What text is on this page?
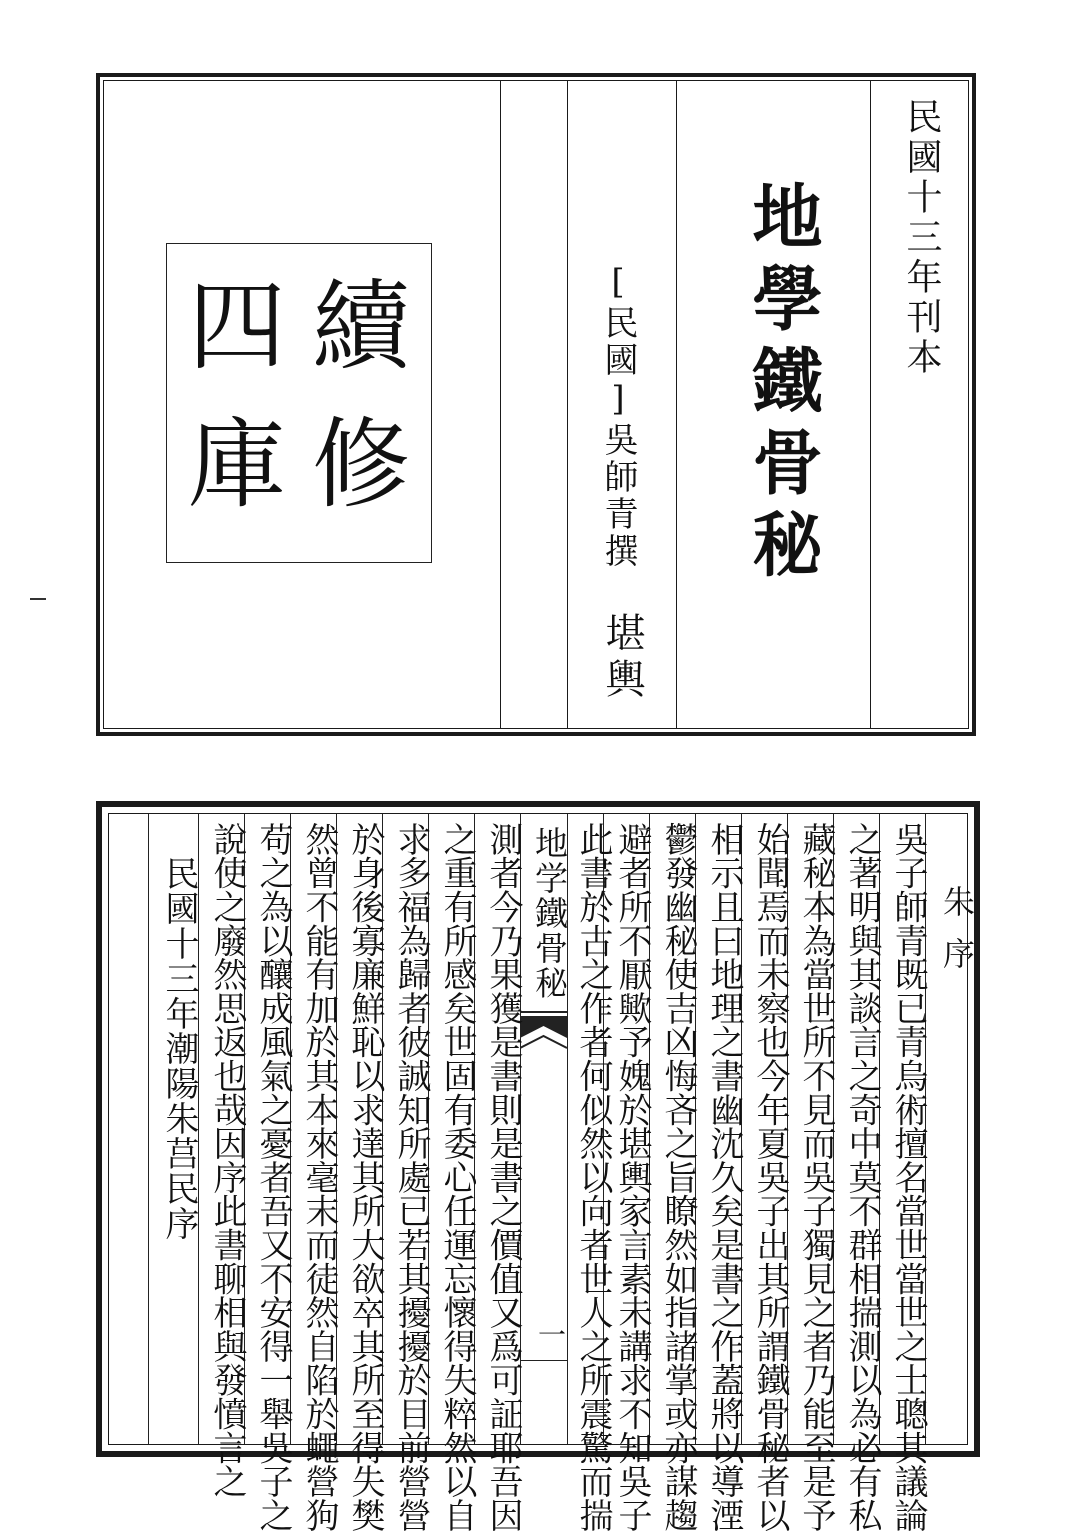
民國十三年刊本
地學鐵骨秘
[民國]吳師青撰
堪輿
續
修
四
庫
朱序
地学鐵骨秘
一	吳子師青既已青烏術擅名當世當世之士聰其議論
之著明與其談言之奇中莫不群相揣測以為必有私
藏秘本為當世所不見而吳子獨見之者乃能至是予
始聞焉而未察也今年夏吳子出其所謂鐵骨秘者以
相示且曰地理之書幽沈久矣是書之作蓋將以導湮
鬱發幽秘使吉凶悔吝之旨瞭然如指諸掌或亦謀趨
避者所不厭歟予媿於堪輿家言素未講求不知吳子
此書於古之作者何似然以向者世人之所震驚而揣
測者今乃果獲是書則是書之價值又爲可証耶吾因
之重有所感矣世固有委心任運忘懷得失粹然以自
求多福為歸者彼誠知所處已若其擾擾於目前營營
於身後寡廉鮮恥以求達其所大欲卒其所至得失樊
然曾不能有加於其本來毫末而徒然自陷於蠅營狗
苟之為以釀成風氣之憂者吾又不安得一舉吳子之
說使之廢然思返也哉因序此書聊相與發憤言之
民國十三年潮陽朱莒民序
